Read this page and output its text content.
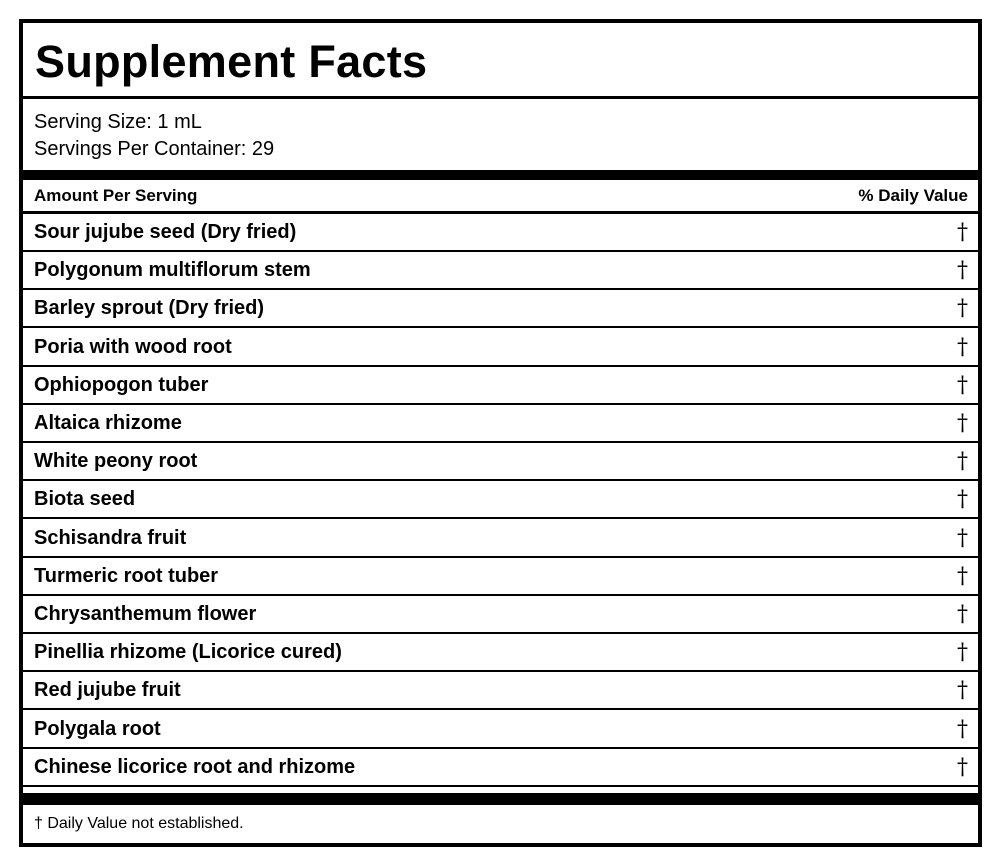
Supplement Facts
Serving Size: 1 mL
Servings Per Container: 29
Amount Per Serving	% Daily Value
Sour jujube seed (Dry fried)	†
Polygonum multiflorum stem	†
Barley sprout (Dry fried)	†
Poria with wood root	†
Ophiopogon tuber	†
Altaica rhizome	†
White peony root	†
Biota seed	†
Schisandra fruit	†
Turmeric root tuber	†
Chrysanthemum flower	†
Pinellia rhizome (Licorice cured)	†
Red jujube fruit	†
Polygala root	†
Chinese licorice root and rhizome	†
† Daily Value not established.
